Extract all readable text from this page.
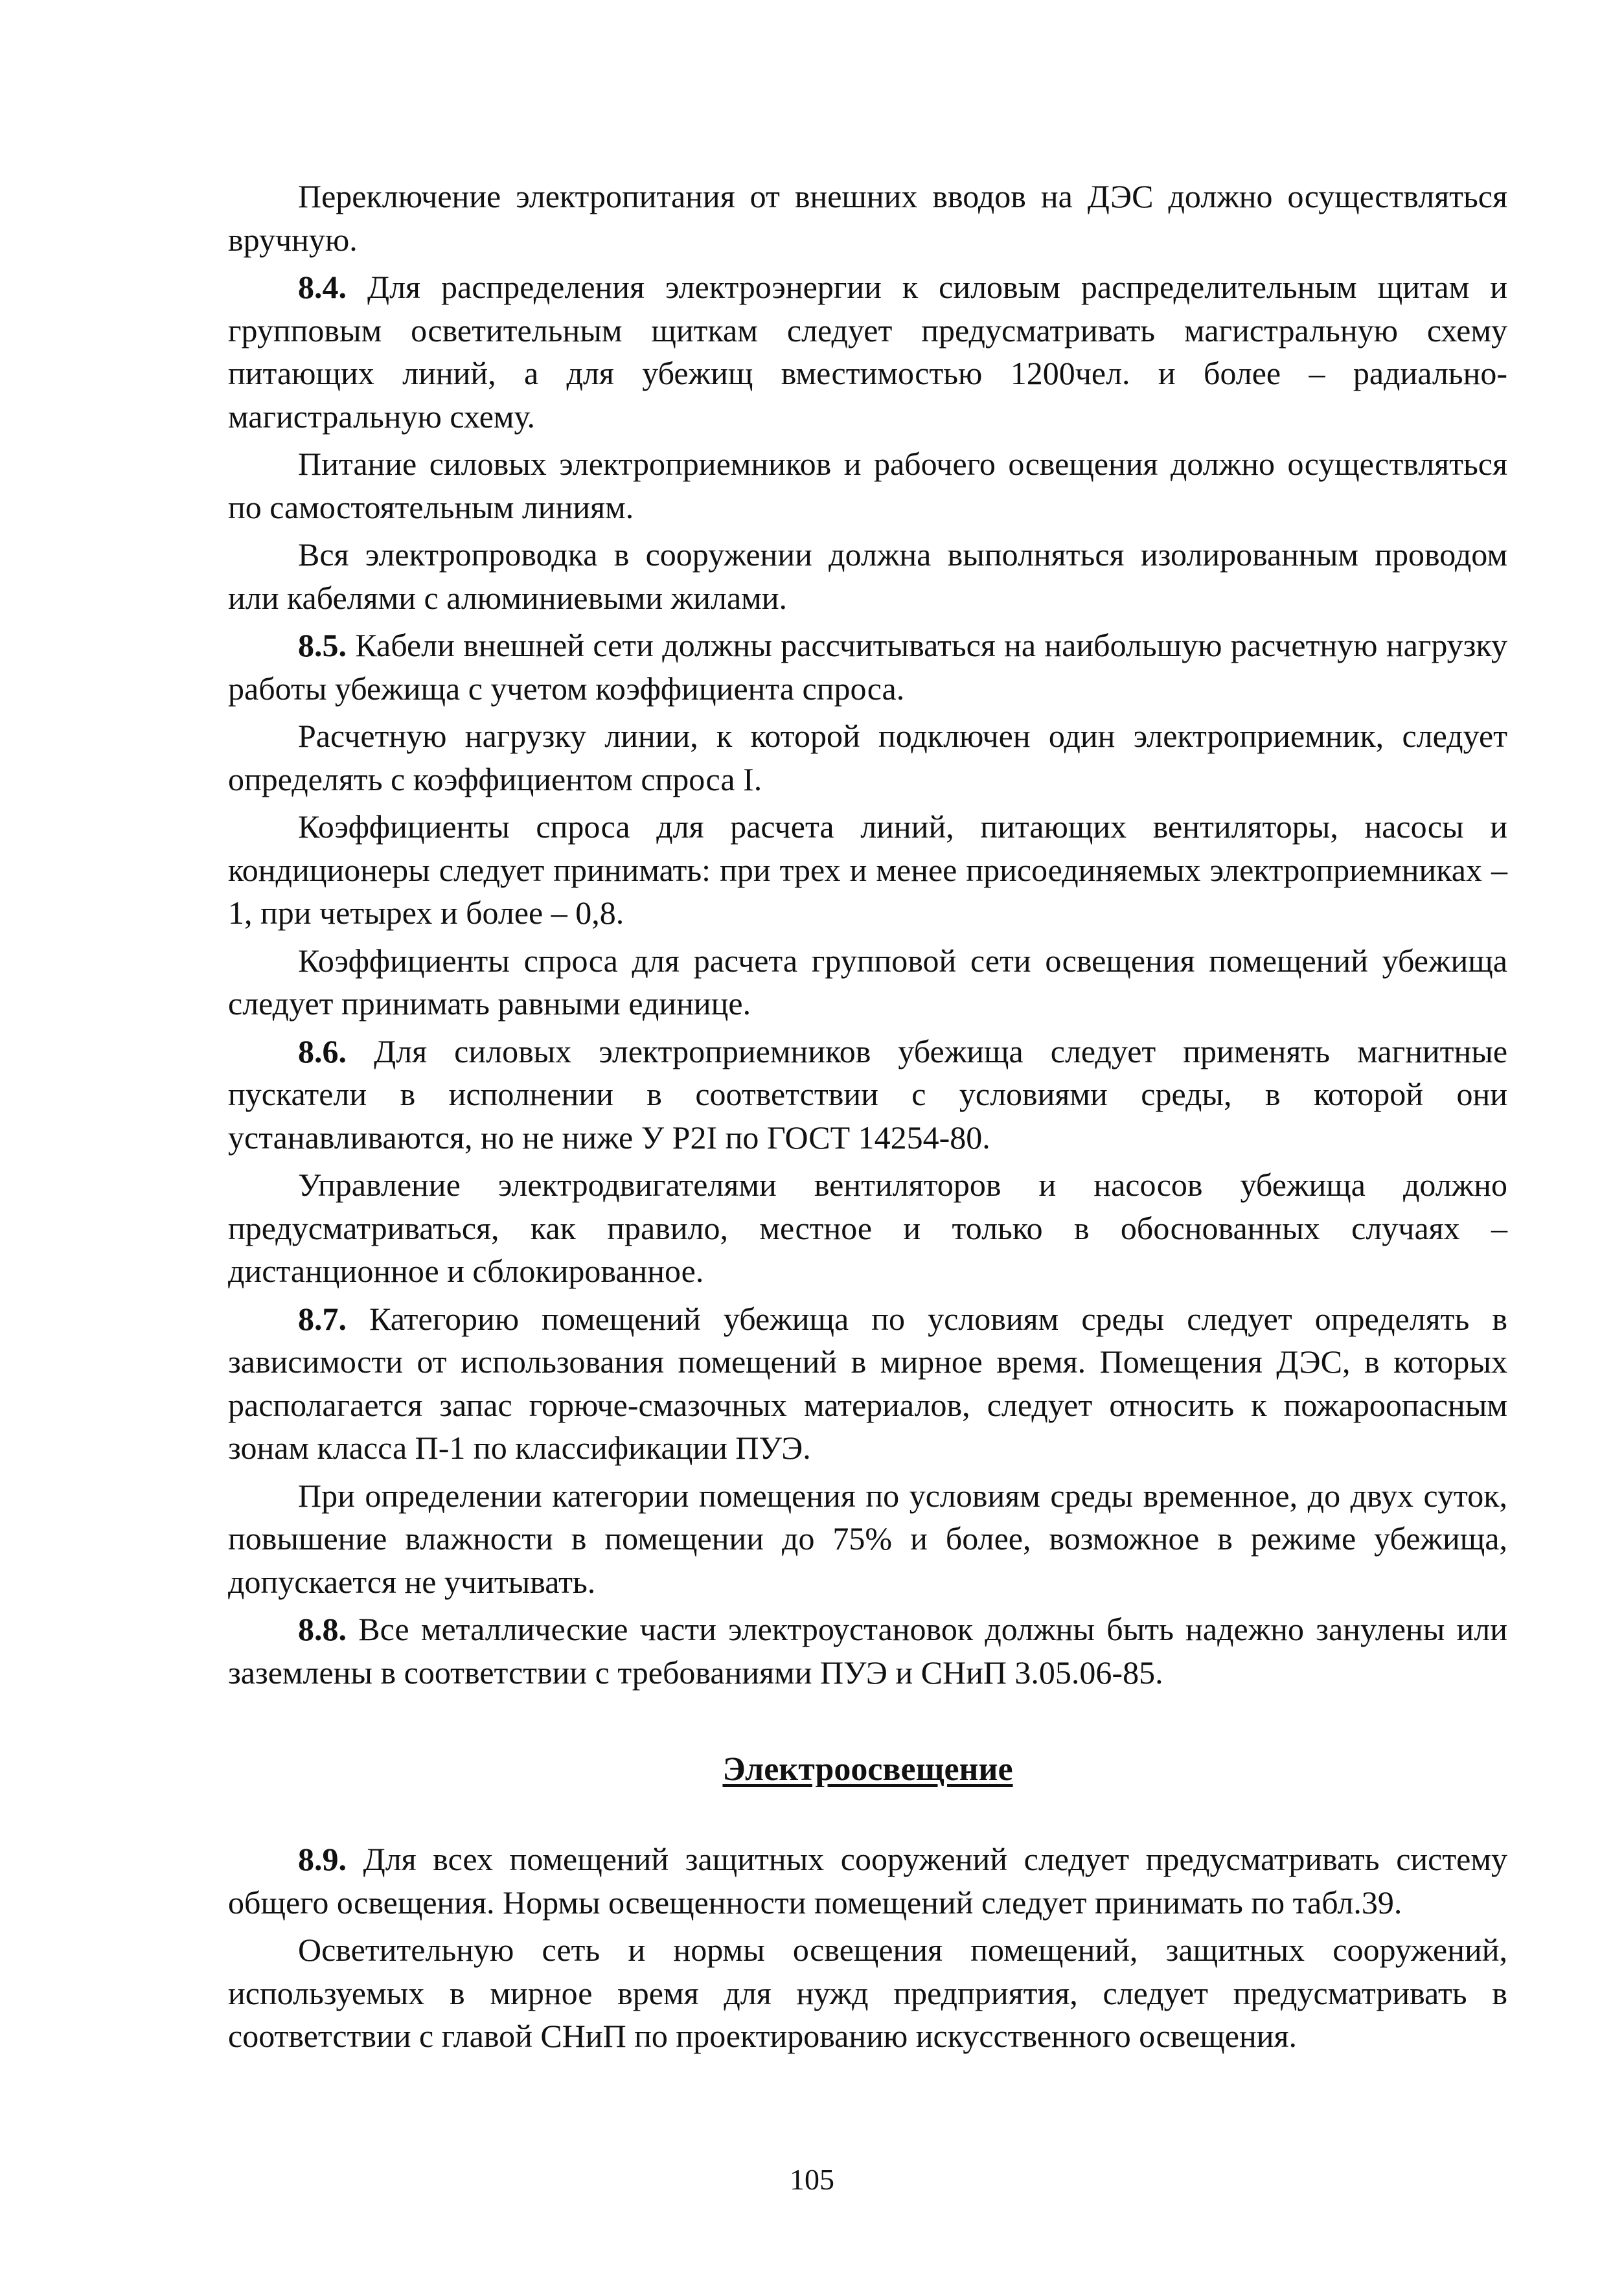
Переключение электропитания от внешних вводов на ДЭС должно осуществляться вручную.

8.4. Для распределения электроэнергии к силовым распределительным щитам и групповым осветительным щиткам следует предусматривать магистральную схему питающих линий, а для убежищ вместимостью 1200чел. и более – радиально-магистральную схему.

Питание силовых электроприемников и рабочего освещения должно осуществляться по самостоятельным линиям.

Вся электропроводка в сооружении должна выполняться изолированным проводом или кабелями с алюминиевыми жилами.

8.5. Кабели внешней сети должны рассчитываться на наибольшую расчетную нагрузку работы убежища с учетом коэффициента спроса.

Расчетную нагрузку линии, к которой подключен один электроприемник, следует определять с коэффициентом спроса I.

Коэффициенты спроса для расчета линий, питающих вентиляторы, насосы и кондиционеры следует принимать: при трех и менее присоединяемых электроприемниках – 1, при четырех и более – 0,8.

Коэффициенты спроса для расчета групповой сети освещения помещений убежища следует принимать равными единице.

8.6. Для силовых электроприемников убежища следует применять магнитные пускатели в исполнении в соответствии с условиями среды, в которой они устанавливаются, но не ниже У Р2I по ГОСТ 14254-80.

Управление электродвигателями вентиляторов и насосов убежища должно предусматриваться, как правило, местное и только в обоснованных случаях – дистанционное и сблокированное.

8.7. Категорию помещений убежища по условиям среды следует определять в зависимости от использования помещений в мирное время. Помещения ДЭС, в которых располагается запас горюче-смазочных материалов, следует относить к пожароопасным зонам класса П-1 по классификации ПУЭ.

При определении категории помещения по условиям среды временное, до двух суток, повышение влажности в помещении до 75% и более, возможное в режиме убежища, допускается не учитывать.

8.8. Все металлические части электроустановок должны быть надежно занулены или заземлены в соответствии с требованиями ПУЭ и СНиП 3.05.06-85.

Электроосвещение

8.9. Для всех помещений защитных сооружений следует предусматривать систему общего освещения. Нормы освещенности помещений следует принимать по табл.39.

Осветительную сеть и нормы освещения помещений, защитных сооружений, используемых в мирное время для нужд предприятия, следует предусматривать в соответствии с главой СНиП по проектированию искусственного освещения.

105
